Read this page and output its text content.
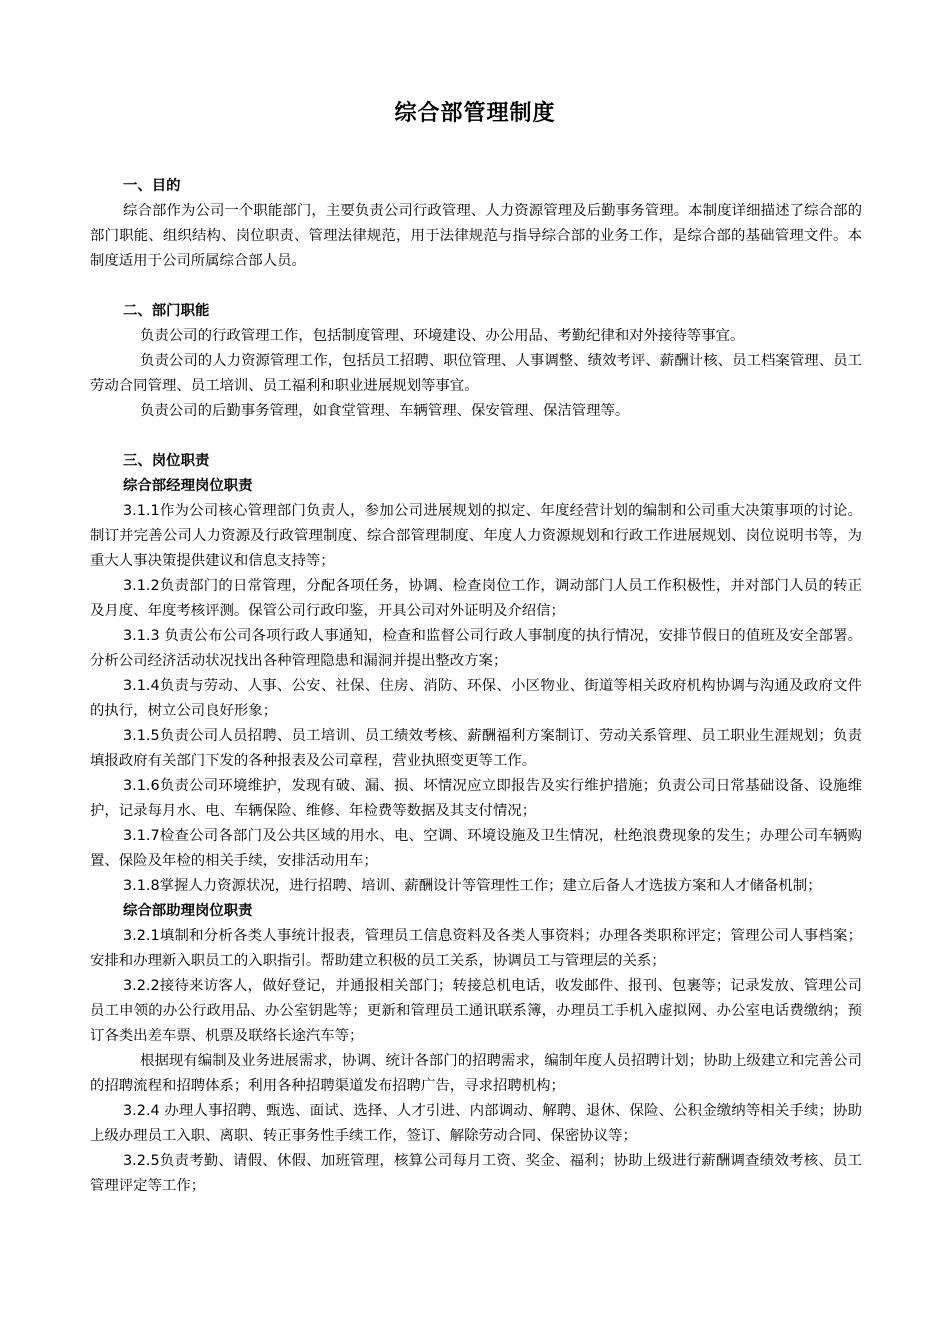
综合部管理制度
一、目的
综合部作为公司一个职能部门，主要负责公司行政管理、人力资源管理及后勤事务管理。本制度详细描述了综合部的部门职能、组织结构、岗位职责、管理法律规范，用于法律规范与指导综合部的业务工作，是综合部的基础管理文件。本制度适用于公司所属综合部人员。
二、部门职能
负责公司的行政管理工作，包括制度管理、环境建设、办公用品、考勤纪律和对外接待等事宜。
负责公司的人力资源管理工作，包括员工招聘、职位管理、人事调整、绩效考评、薪酬计核、员工档案管理、员工劳动合同管理、员工培训、员工福利和职业进展规划等事宜。
负责公司的后勤事务管理，如食堂管理、车辆管理、保安管理、保洁管理等。
三、岗位职责
综合部经理岗位职责
3.1.1作为公司核心管理部门负责人，参加公司进展规划的拟定、年度经营计划的编制和公司重大决策事项的讨论。制订并完善公司人力资源及行政管理制度、综合部管理制度、年度人力资源规划和行政工作进展规划、岗位说明书等，为重大人事决策提供建议和信息支持等；
3.1.2负责部门的日常管理，分配各项任务，协调、检查岗位工作，调动部门人员工作积极性，并对部门人员的转正及月度、年度考核评测。保管公司行政印鉴，开具公司对外证明及介绍信；
3.1.3 负责公布公司各项行政人事通知，检查和监督公司行政人事制度的执行情况，安排节假日的值班及安全部署。分析公司经济活动状况找出各种管理隐患和漏洞并提出整改方案；
3.1.4负责与劳动、人事、公安、社保、住房、消防、环保、小区物业、街道等相关政府机构协调与沟通及政府文件的执行，树立公司良好形象；
3.1.5负责公司人员招聘、员工培训、员工绩效考核、薪酬福利方案制订、劳动关系管理、员工职业生涯规划；负责填报政府有关部门下发的各种报表及公司章程，营业执照变更等工作。
3.1.6负责公司环境维护，发现有破、漏、损、坏情况应立即报告及实行维护措施；负责公司日常基础设备、设施维护，记录每月水、电、车辆保险、维修、年检费等数据及其支付情况；
3.1.7检查公司各部门及公共区域的用水、电、空调、环境设施及卫生情况，杜绝浪费现象的发生；办理公司车辆购置、保险及年检的相关手续，安排活动用车；
3.1.8掌握人力资源状况，进行招聘、培训、薪酬设计等管理性工作；建立后备人才选拔方案和人才储备机制；
综合部助理岗位职责
3.2.1填制和分析各类人事统计报表，管理员工信息资料及各类人事资料；办理各类职称评定；管理公司人事档案；安排和办理新入职员工的入职指引。帮助建立积极的员工关系，协调员工与管理层的关系；
3.2.2接待来访客人，做好登记，并通报相关部门；转接总机电话，收发邮件、报刊、包裹等；记录发放、管理公司员工申领的办公行政用品、办公室钥匙等；更新和管理员工通讯联系簿，办理员工手机入虚拟网、办公室电话费缴纳；预订各类出差车票、机票及联络长途汽车等；
根据现有编制及业务进展需求，协调、统计各部门的招聘需求，编制年度人员招聘计划；协助上级建立和完善公司的招聘流程和招聘体系；利用各种招聘渠道发布招聘广告，寻求招聘机构；
3.2.4 办理人事招聘、甄选、面试、选择、人才引进、内部调动、解聘、退休、保险、公积金缴纳等相关手续；协助上级办理员工入职、离职、转正事务性手续工作，签订、解除劳动合同、保密协议等；
3.2.5负责考勤、请假、休假、加班管理，核算公司每月工资、奖金、福利；协助上级进行薪酬调查绩效考核、员工管理评定等工作；
